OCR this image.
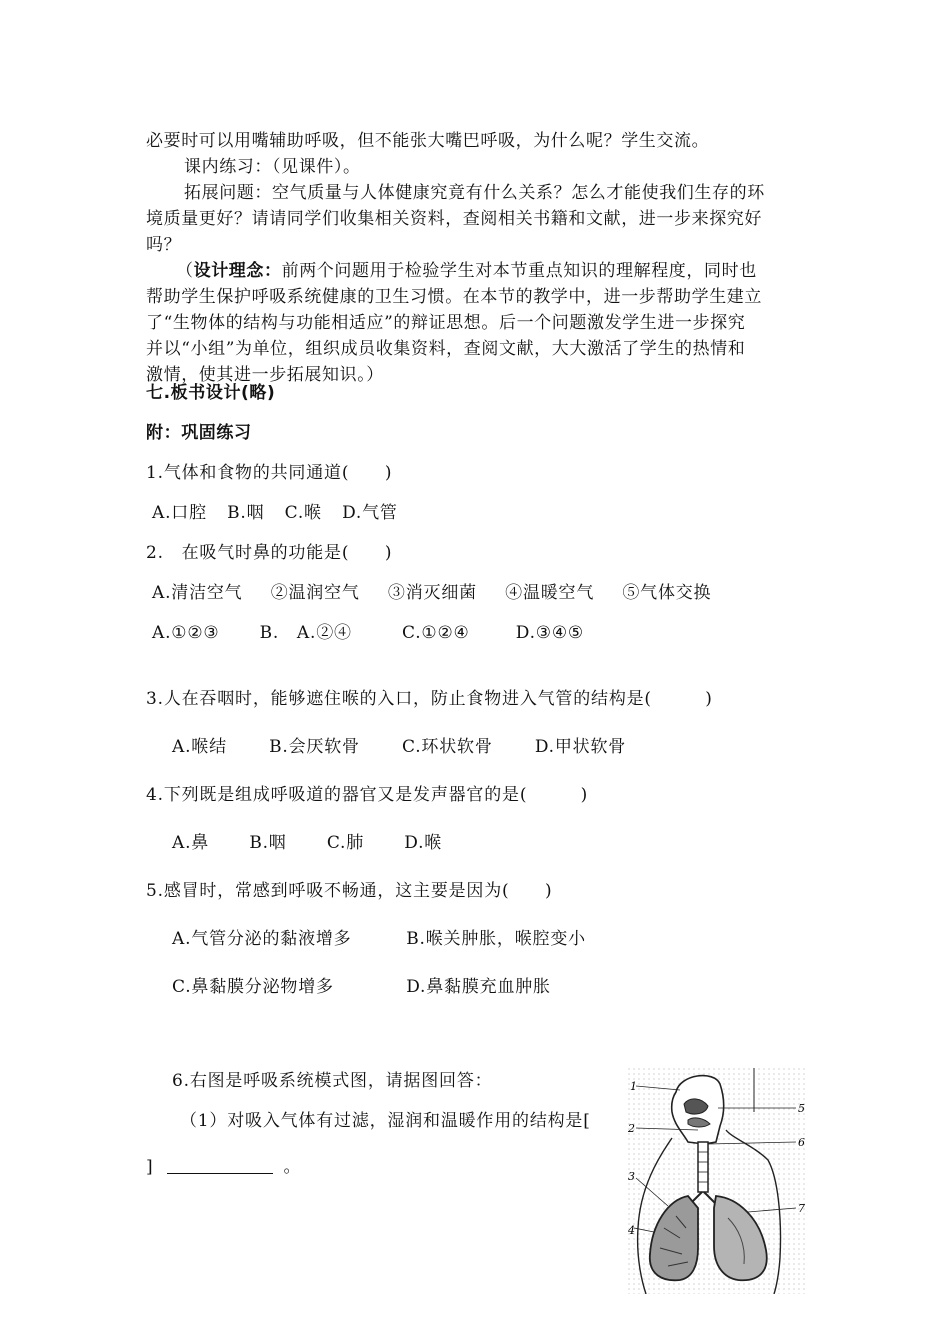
必要时可以用嘴辅助呼吸，但不能张大嘴巴呼吸，为什么呢？学生交流。
课内练习：（见课件）。
拓展问题：空气质量与人体健康究竟有什么关系？怎么才能使我们生存的环
境质量更好？请请同学们收集相关资料，查阅相关书籍和文献，进一步来探究好
吗？
（设计理念：前两个问题用于检验学生对本节重点知识的理解程度，同时也
帮助学生保护呼吸系统健康的卫生习惯。在本节的教学中，进一步帮助学生建立
了“生物体的结构与功能相适应”的辩证思想。后一个问题激发学生进一步探究
并以“小组”为单位，组织成员收集资料，查阅文献，大大激活了学生的热情和
激情，使其进一步拓展知识。）
七.板书设计(略)
附：巩固练习
1.气体和食物的共同通道(　　)
A.口腔 B.咽 C.喉 D.气管
2.　在吸气时鼻的功能是(　　)
A.清洁空气 ②温润空气 ③消灭细菌 ④温暖空气 ⑤气体交换
A.①②③ B.　A.②④	C.①②④	D.③④⑤
3.人在吞咽时，能够遮住喉的入口，防止食物进入气管的结构是(　　　)
A.喉结 B.会厌软骨 C.环状软骨 D.甲状软骨
4.下列既是组成呼吸道的器官又是发声器官的是(　　　)
A.鼻 B.咽 C.肺 D.喉
5.感冒时，常感到呼吸不畅通，这主要是因为(　　)
A.气管分泌的黏液增多	B.喉关肿胀，喉腔变小
C.鼻黏膜分泌物增多	D.鼻黏膜充血肿胀
6.右图是呼吸系统模式图，请据图回答：
（1）对吸入气体有过滤，湿润和温暖作用的结构是[
]	。
1
2
3
4
5
6
7
